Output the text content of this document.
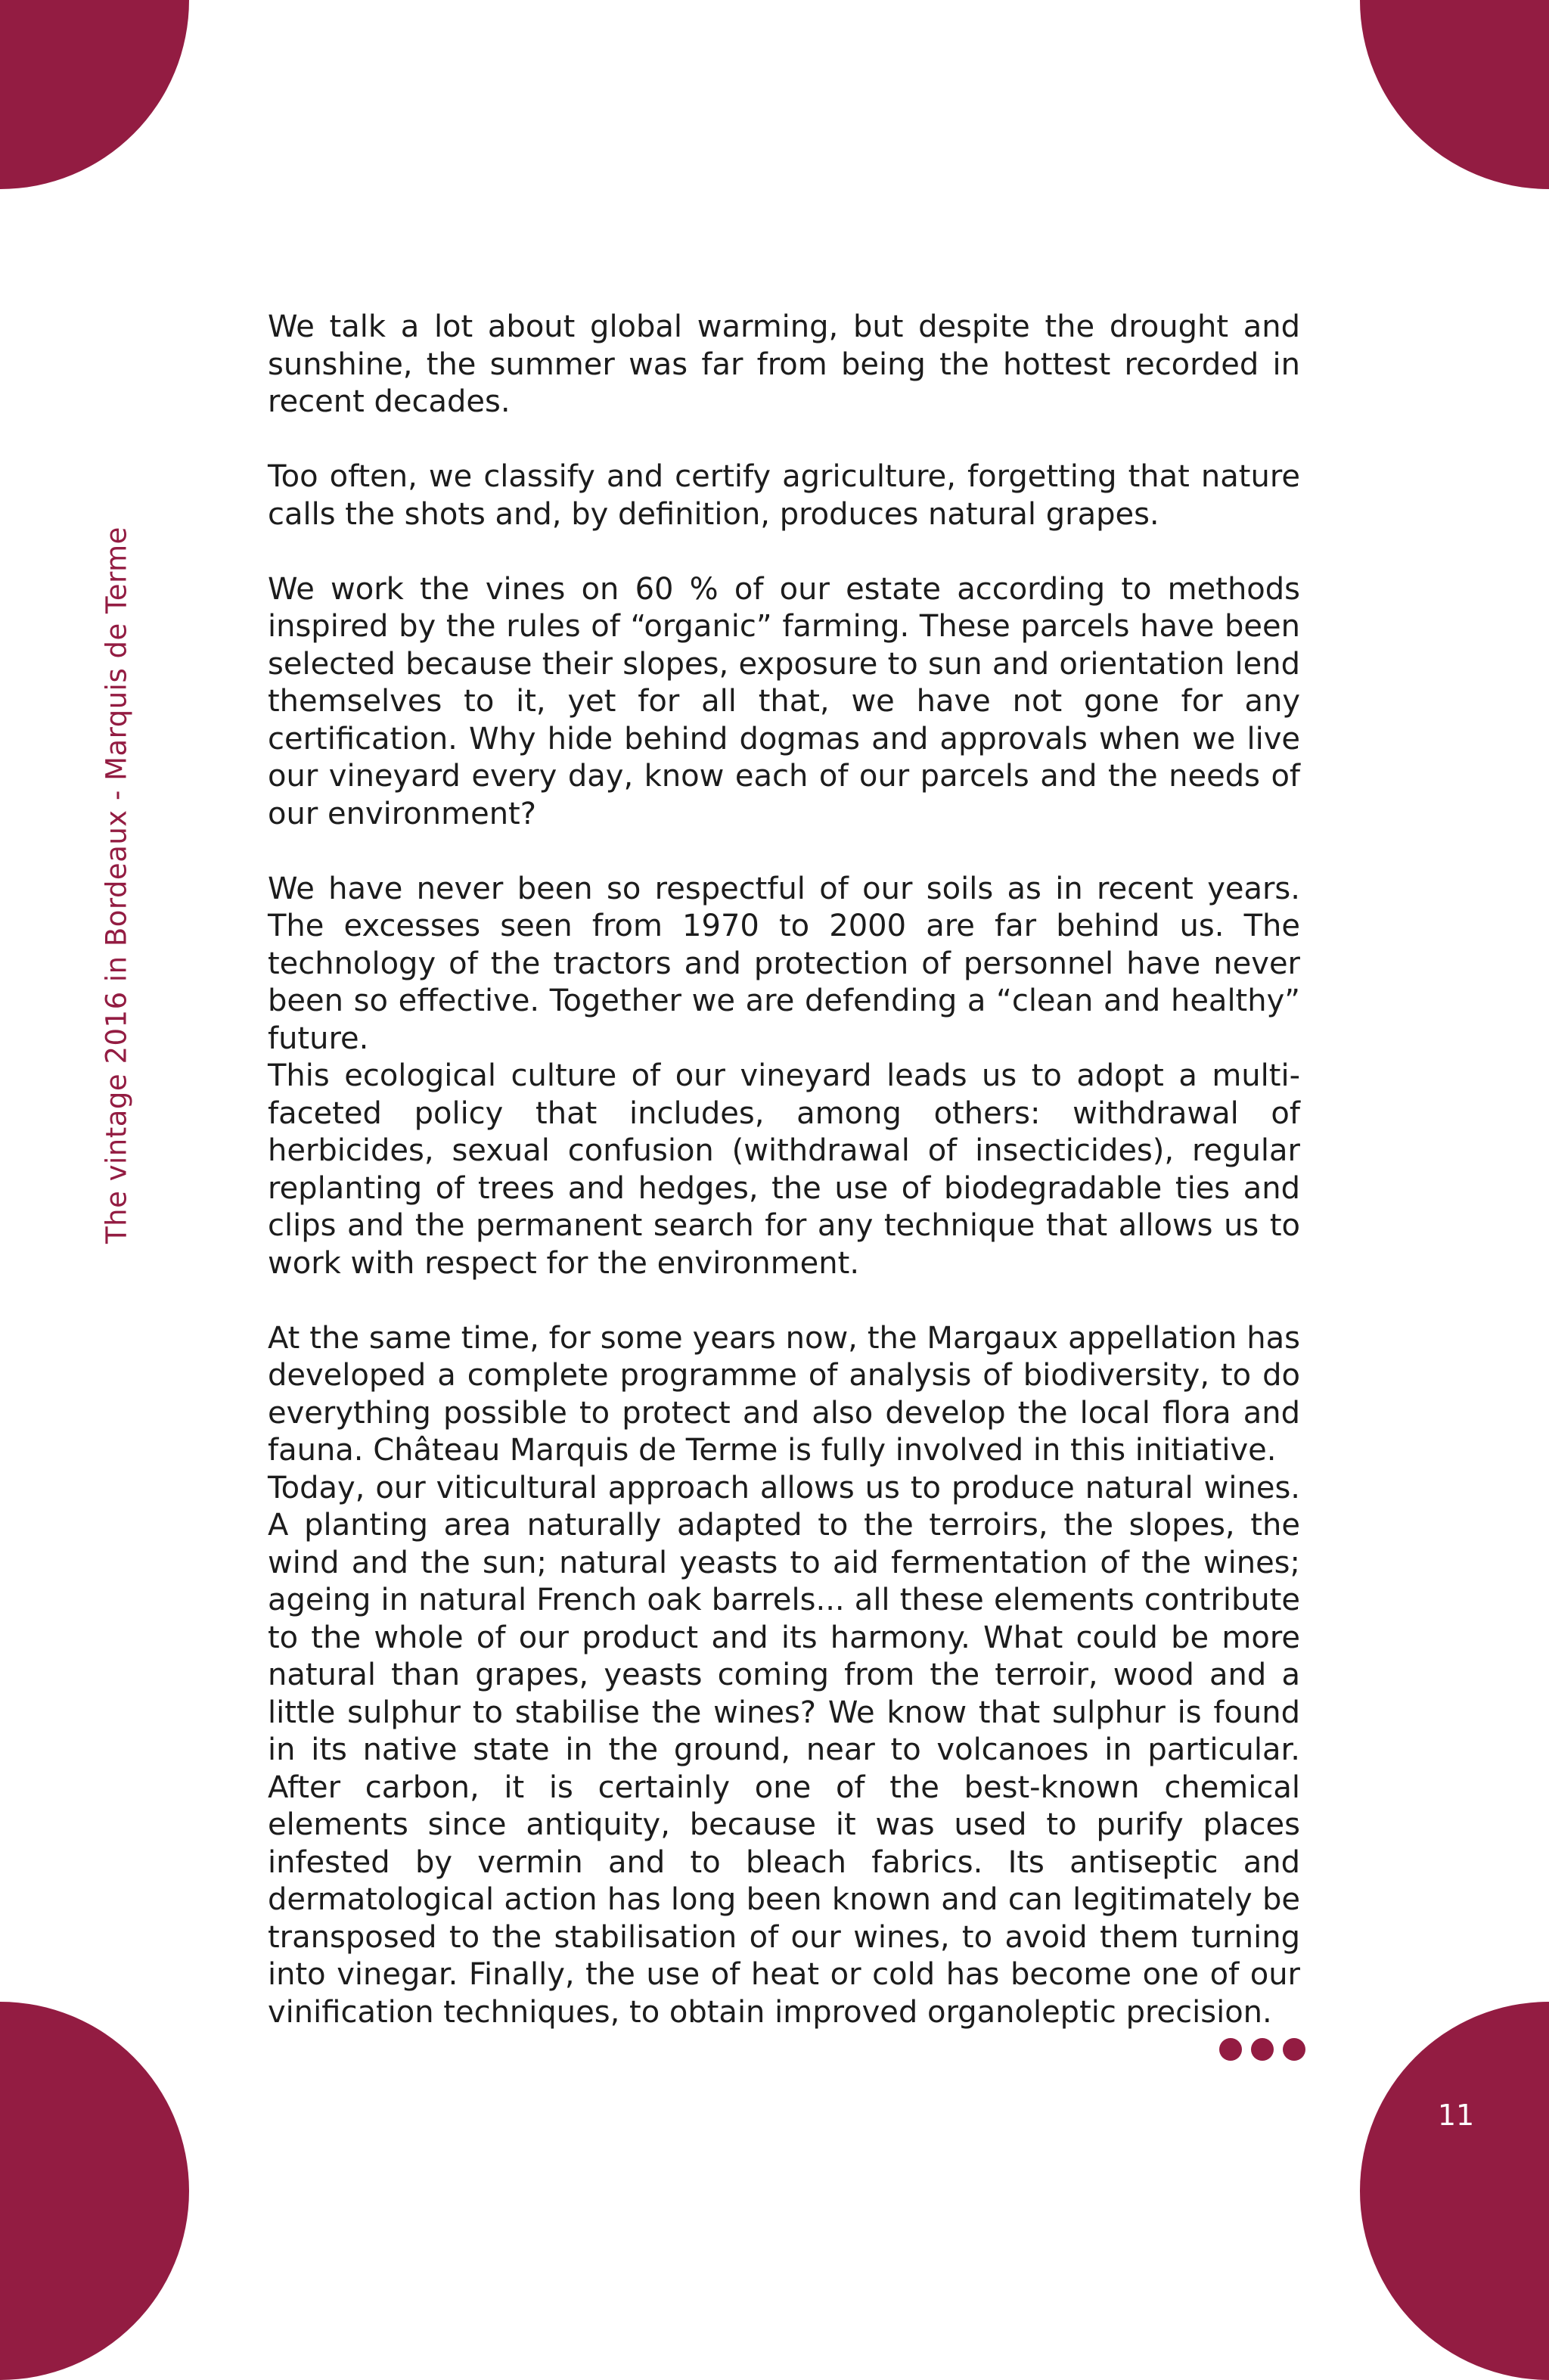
The vintage 2016 in Bordeaux - Marquis de Terme

We talk a lot about global warming, but despite the drought and sunshine, the summer was far from being the hottest recorded in recent decades.

Too often, we classify and certify agriculture, forgetting that nature calls the shots and, by definition, produces natural grapes.

We work the vines on 60 % of our estate according to methods inspired by the rules of “organic” farming. These parcels have been selected because their slopes, exposure to sun and orientation lend themselves to it, yet for all that, we have not gone for any certification. Why hide behind dogmas and approvals when we live our vineyard every day, know each of our parcels and the needs of our environment?

We have never been so respectful of our soils as in recent years. The excesses seen from 1970 to 2000 are far behind us. The technology of the tractors and protection of personnel have never been so effective. Together we are defending a “clean and healthy” future.

This ecological culture of our vineyard leads us to adopt a multi-faceted policy that includes, among others: withdrawal of herbicides, sexual confusion (withdrawal of insecticides), regular replanting of trees and hedges, the use of biodegradable ties and clips and the permanent search for any technique that allows us to work with respect for the environment.

At the same time, for some years now, the Margaux appellation has developed a complete programme of analysis of biodiversity, to do everything possible to protect and also develop the local flora and fauna. Château Marquis de Terme is fully involved in this initiative.

Today, our viticultural approach allows us to produce natural wines. A planting area naturally adapted to the terroirs, the slopes, the wind and the sun; natural yeasts to aid fermentation of the wines; ageing in natural French oak barrels... all these elements contribute to the whole of our product and its harmony. What could be more natural than grapes, yeasts coming from the terroir, wood and a little sulphur to stabilise the wines? We know that sulphur is found in its native state in the ground, near to volcanoes in particular. After carbon, it is certainly one of the best-known chemical elements since antiquity, because it was used to purify places infested by vermin and to bleach fabrics. Its antiseptic and dermatological action has long been known and can legitimately be transposed to the stabilisation of our wines, to avoid them turning into vinegar. Finally, the use of heat or cold has become one of our vinification techniques, to obtain improved organoleptic precision.

11
